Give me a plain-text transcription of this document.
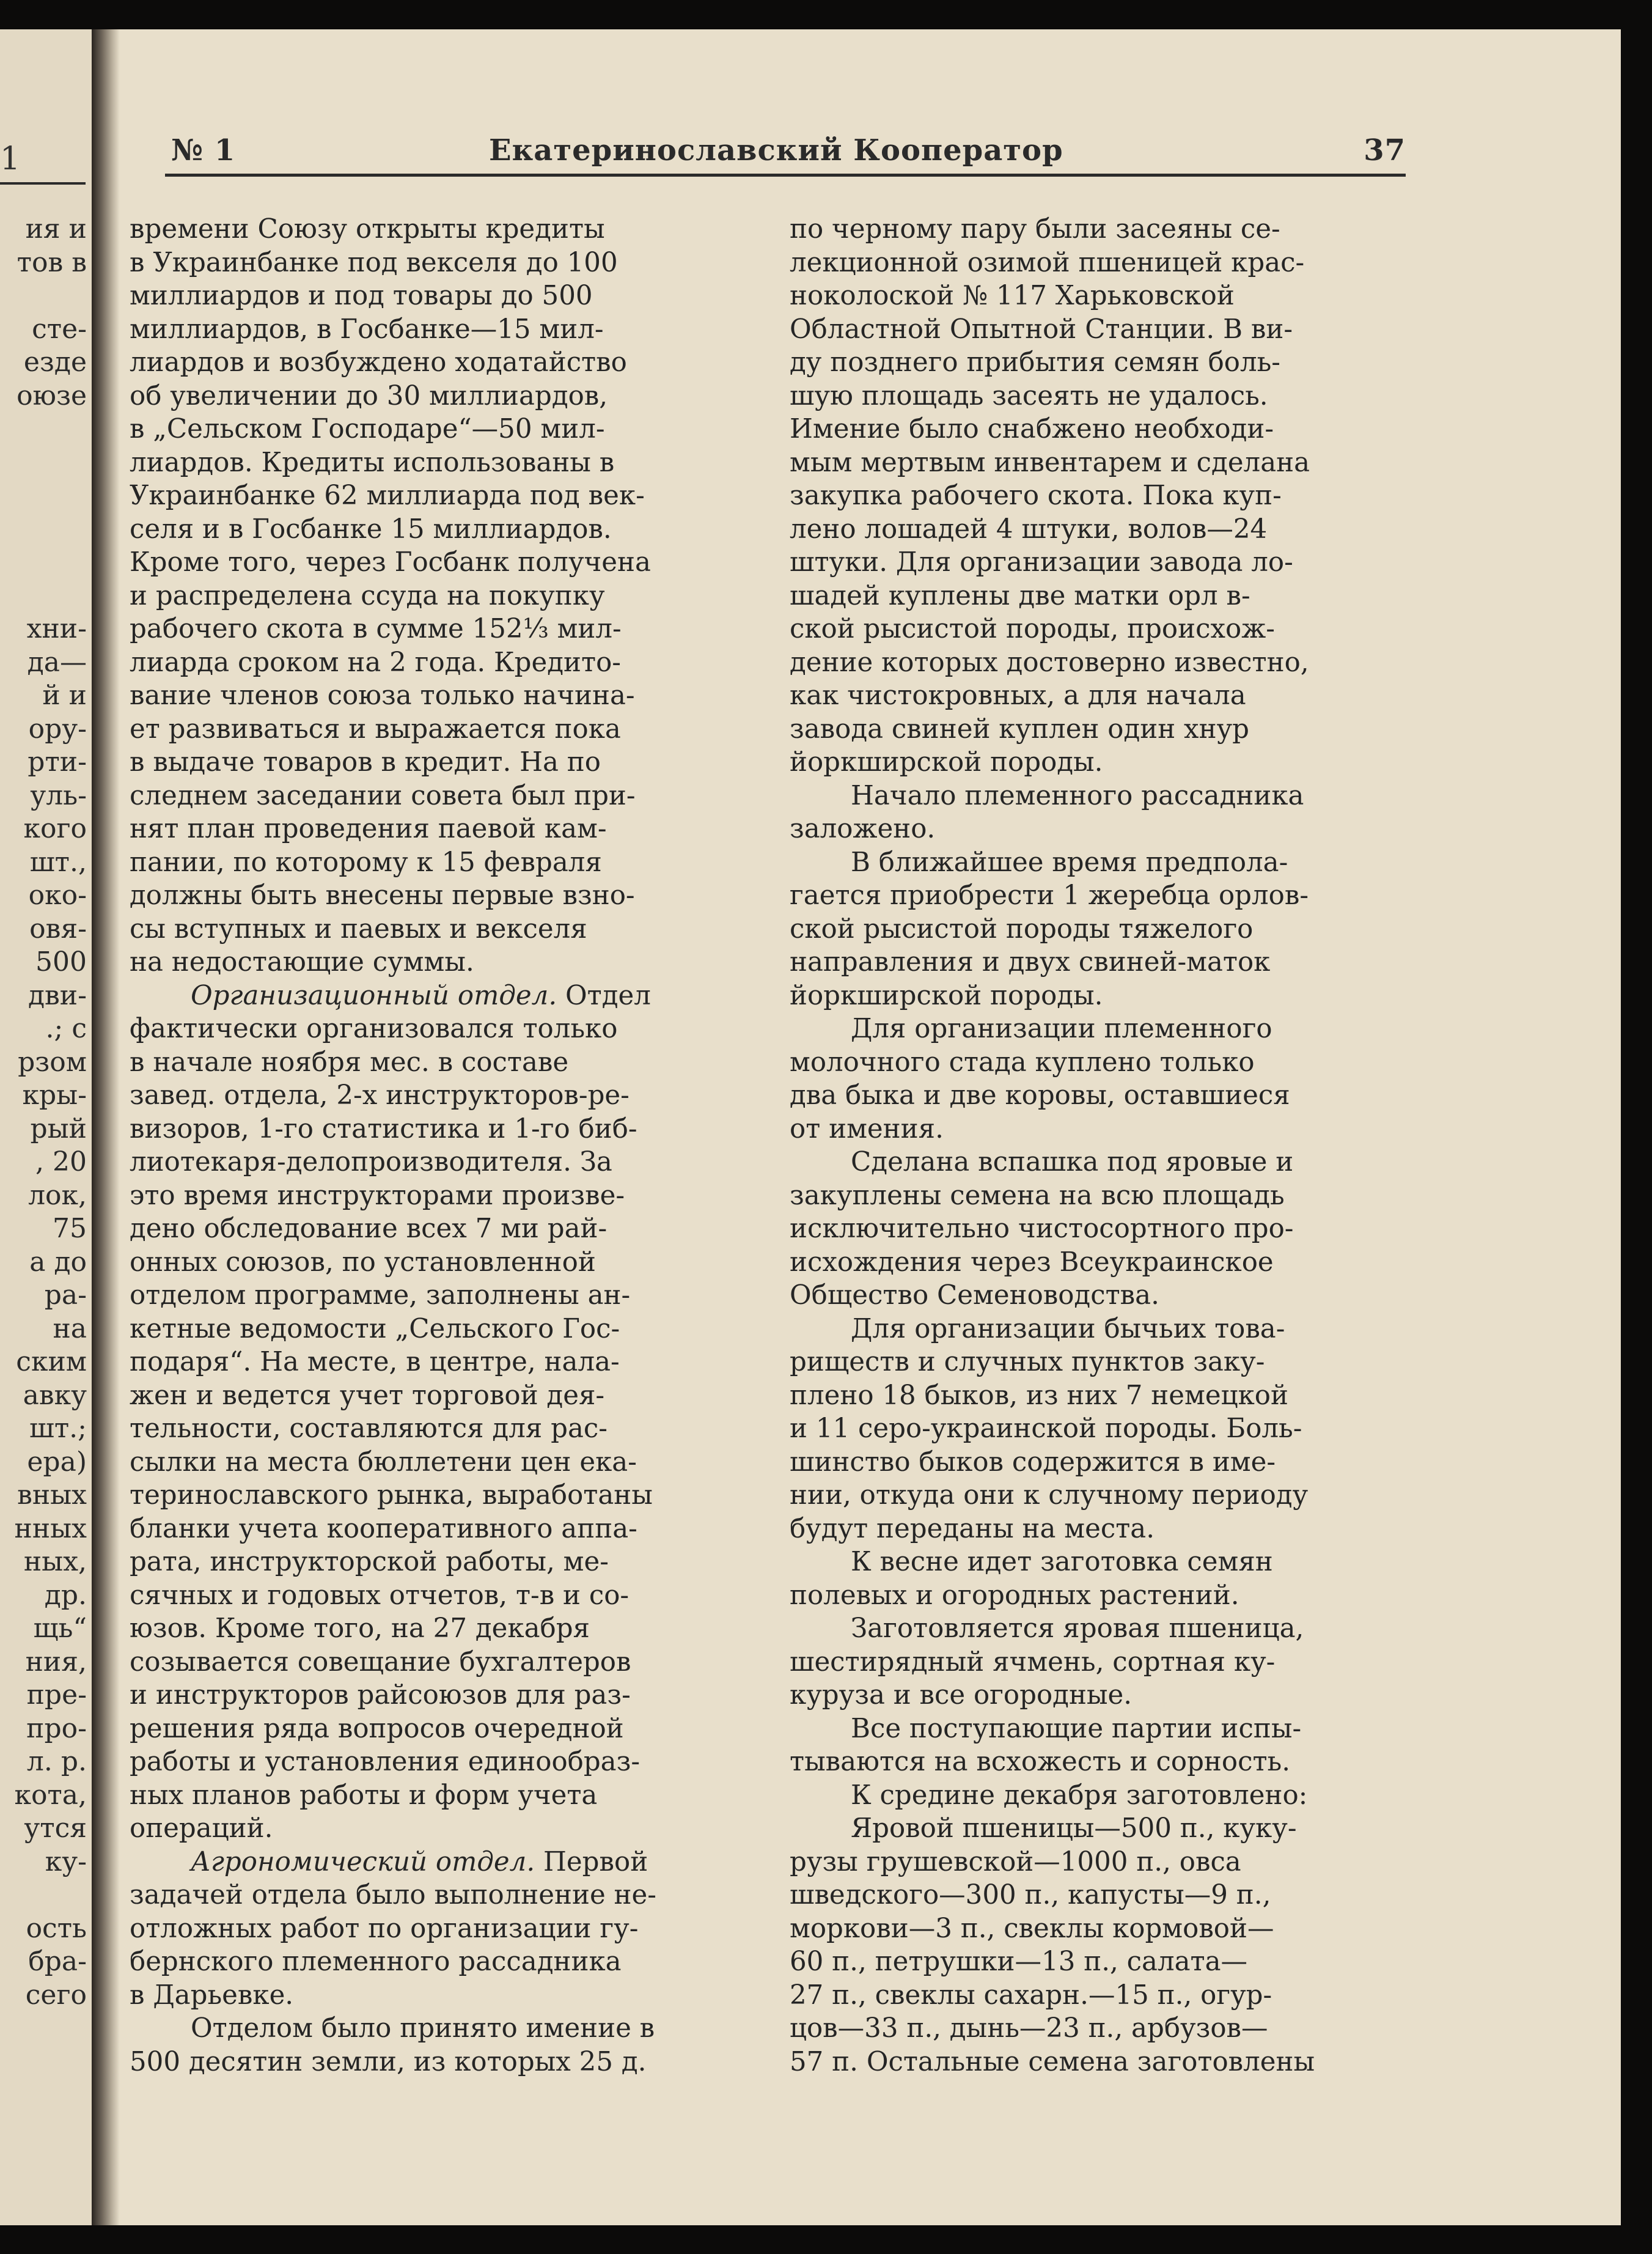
1
ия и
тов в
сте-
езде
оюзе
хни-
да—
й и
ору-
рти-
уль-
кого
шт.,
око-
овя-
500
дви-
.; с
рзом
кры-
рый
, 20
лок,
75
а до
ра-
на
ским
авку
шт.;
ера)
вных
нных
ных,
др.
щь“
ния,
пре-
про-
л. р.
кота,
утся
ку-
ость
бра-
сего
№ 1	Екатеринославский Кооператор	37
времени Союзу открыты кредиты
в Украинбанке под векселя до 100
миллиардов и под товары до 500
миллиардов, в Госбанке—15 мил-
лиардов и возбуждено ходатайство
об увеличении до 30 миллиардов,
в „Сельском Господаре“—50 мил-
лиардов. Кредиты использованы в
Украинбанке 62 миллиарда под век-
селя и в Госбанке 15 миллиардов.
Кроме того, через Госбанк получена
и распределена ссуда на покупку
рабочего скота в сумме 152⅓ мил-
лиарда сроком на 2 года. Кредито-
вание членов союза только начина-
ет развиваться и выражается пока
в выдаче товаров в кредит. На по
следнем заседании совета был при-
нят план проведения паевой кам-
пании, по которому к 15 февраля
должны быть внесены первые взно-
сы вступных и паевых и векселя
на недостающие суммы.
Организационный отдел. Отдел
фактически организовался только
в начале ноября мес. в составе
завед. отдела, 2-х инструкторов-ре-
визоров, 1-го статистика и 1-го биб-
лиотекаря-делопроизводителя. За
это время инструкторами произве-
дено обследование всех 7 ми рай-
онных союзов, по установленной
отделом программе, заполнены ан-
кетные ведомости „Сельского Гос-
подаря“. На месте, в центре, нала-
жен и ведется учет торговой дея-
тельности, составляются для рас-
сылки на места бюллетени цен ека-
теринославского рынка, выработаны
бланки учета кооперативного аппа-
рата, инструкторской работы, ме-
сячных и годовых отчетов, т-в и со-
юзов. Кроме того, на 27 декабря
созывается совещание бухгалтеров
и инструкторов райсоюзов для раз-
решения ряда вопросов очередной
работы и установления единообраз-
ных планов работы и форм учета
операций.
Агрономический отдел. Первой
задачей отдела было выполнение не-
отложных работ по организации гу-
бернского племенного рассадника
в Дарьевке.
Отделом было принято имение в
500 десятин земли, из которых 25 д.
по черному пару были засеяны се-
лекционной озимой пшеницей крас-
ноколоской № 117 Харьковской
Областной Опытной Станции. В ви-
ду позднего прибытия семян боль-
шую площадь засеять не удалось.
Имение было снабжено необходи-
мым мертвым инвентарем и сделана
закупка рабочего скота. Пока куп-
лено лошадей 4 штуки, волов—24
штуки. Для организации завода ло-
шадей куплены две матки орл в-
ской рысистой породы, происхож-
дение которых достоверно известно,
как чистокровных, а для начала
завода свиней куплен один хнур
йоркширской породы.
Начало племенного рассадника
заложено.
В ближайшее время предпола-
гается приобрести 1 жеребца орлов-
ской рысистой породы тяжелого
направления и двух свиней-маток
йоркширской породы.
Для организации племенного
молочного стада куплено только
два быка и две коровы, оставшиеся
от имения.
Сделана вспашка под яровые и
закуплены семена на всю площадь
исключительно чистосортного про-
исхождения через Всеукраинское
Общество Семеноводства.
Для организации бычьих това-
риществ и случных пунктов заку-
плено 18 быков, из них 7 немецкой
и 11 серо-украинской породы. Боль-
шинство быков содержится в име-
нии, откуда они к случному периоду
будут переданы на места.
К весне идет заготовка семян
полевых и огородных растений.
Заготовляется яровая пшеница,
шестирядный ячмень, сортная ку-
куруза и все огородные.
Все поступающие партии испы-
тываются на всхожесть и сорность.
К средине декабря заготовлено:
Яровой пшеницы—500 п., куку-
рузы грушевской—1000 п., овса
шведского—300 п., капусты—9 п.,
моркови—3 п., свеклы кормовой—
60 п., петрушки—13 п., салата—
27 п., свеклы сахарн.—15 п., огур-
цов—33 п., дынь—23 п., арбузов—
57 п. Остальные семена заготовлены
